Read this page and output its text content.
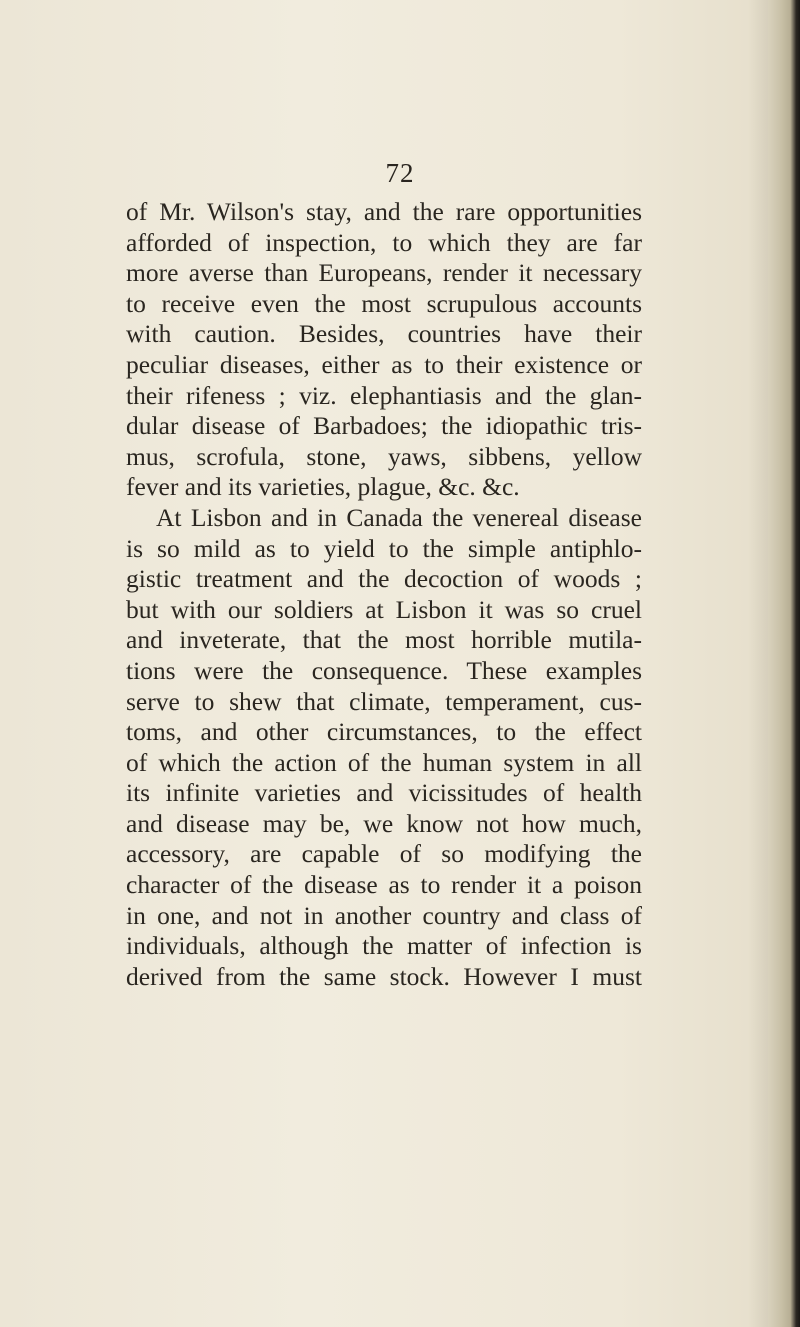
72
of Mr. Wilson's stay, and the rare opportunities
afforded of inspection, to which they are far
more averse than Europeans, render it necessary
to receive even the most scrupulous accounts
with caution. Besides, countries have their
peculiar diseases, either as to their existence or
their rifeness ; viz. elephantiasis and the glan-
dular disease of Barbadoes; the idiopathic tris-
mus, scrofula, stone, yaws, sibbens, yellow
fever and its varieties, plague, &c. &c.
At Lisbon and in Canada the venereal disease
is so mild as to yield to the simple antiphlo-
gistic treatment and the decoction of woods ;
but with our soldiers at Lisbon it was so cruel
and inveterate, that the most horrible mutila-
tions were the consequence. These examples
serve to shew that climate, temperament, cus-
toms, and other circumstances, to the effect
of which the action of the human system in all
its infinite varieties and vicissitudes of health
and disease may be, we know not how much,
accessory, are capable of so modifying the
character of the disease as to render it a poison
in one, and not in another country and class of
individuals, although the matter of infection is
derived from the same stock. However I must
